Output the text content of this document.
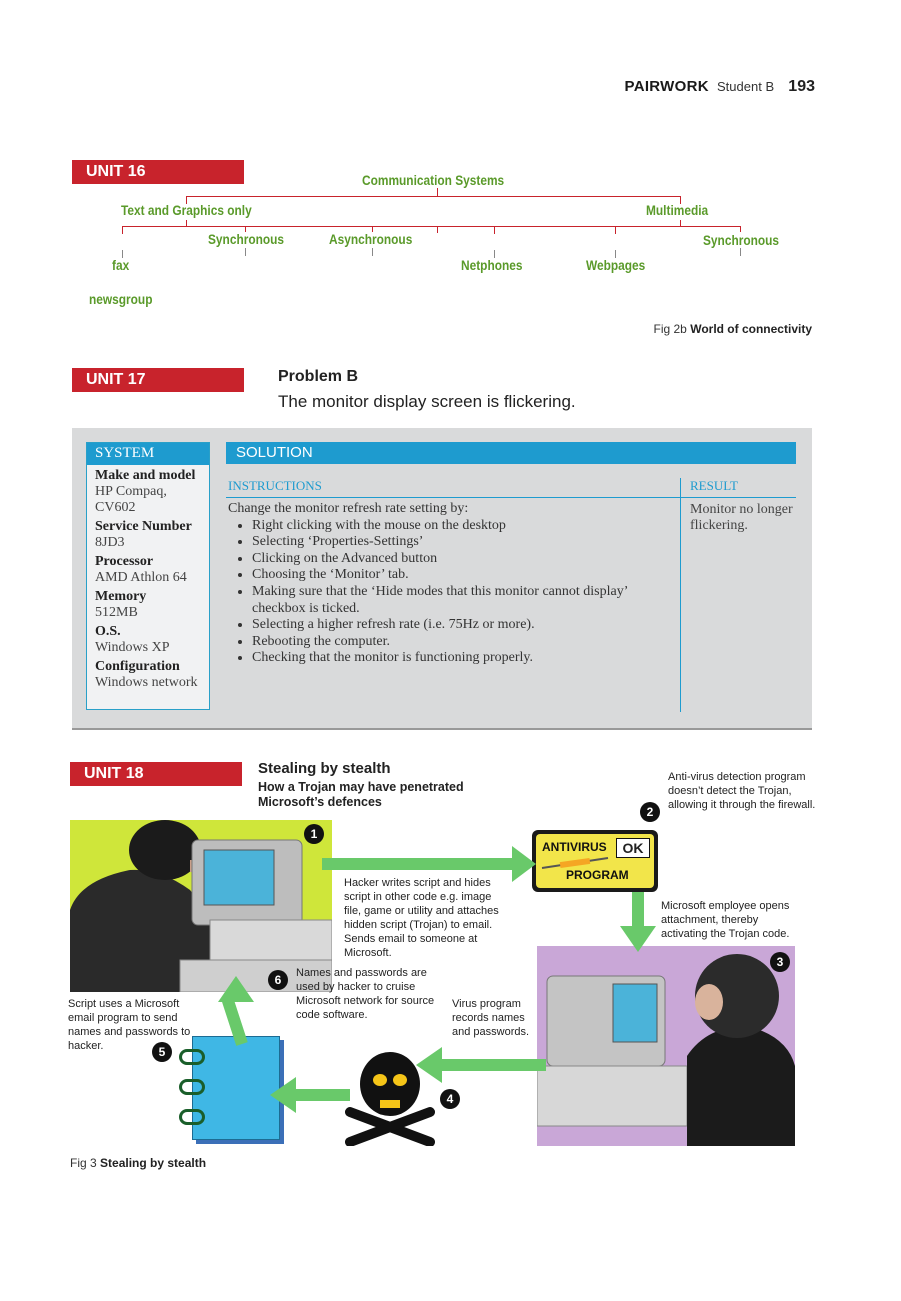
PAIRWORK Student B 193
UNIT 16	Communication Systems
Text and Graphics only	Multimedia
Synchronous	Asynchronous	Synchronous
fax	Netphones	Webpages
newsgroup
Fig 2b World of connectivity
UNIT 17	Problem B
The monitor display screen is flickering.
SYSTEM
Make and model
HP Compaq, CV602
Service Number
8JD3
Processor
AMD Athlon 64
Memory
512MB
O.S.
Windows XP
Configuration
Windows network
SOLUTION
INSTRUCTIONS	RESULT
Change the monitor refresh rate setting by:
• Right clicking with the mouse on the desktop
• Selecting ‘Properties-Settings’
• Clicking on the Advanced button
• Choosing the ‘Monitor’ tab.
• Making sure that the ‘Hide modes that this monitor cannot display’ checkbox is ticked.
• Selecting a higher refresh rate (i.e. 75Hz or more).
• Rebooting the computer.
• Checking that the monitor is functioning properly.
Monitor no longer flickering.
UNIT 18	Stealing by stealth
How a Trojan may have penetrated Microsoft’s defences
ANTIVIRUS	OK
PROGRAM
Hacker writes script and hides script in other code e.g. image file, game or utility and attaches hidden script (Trojan) to email. Sends email to someone at Microsoft.
Anti-virus detection program doesn’t detect the Trojan, allowing it through the firewall.
Microsoft employee opens attachment, thereby activating the Trojan code.
Virus program records names and passwords.
Script uses a Microsoft email program to send names and passwords to hacker.
Names and passwords are used by hacker to cruise Microsoft network for source code software.
1
2
3
4
5
6
Fig 3 Stealing by stealth
